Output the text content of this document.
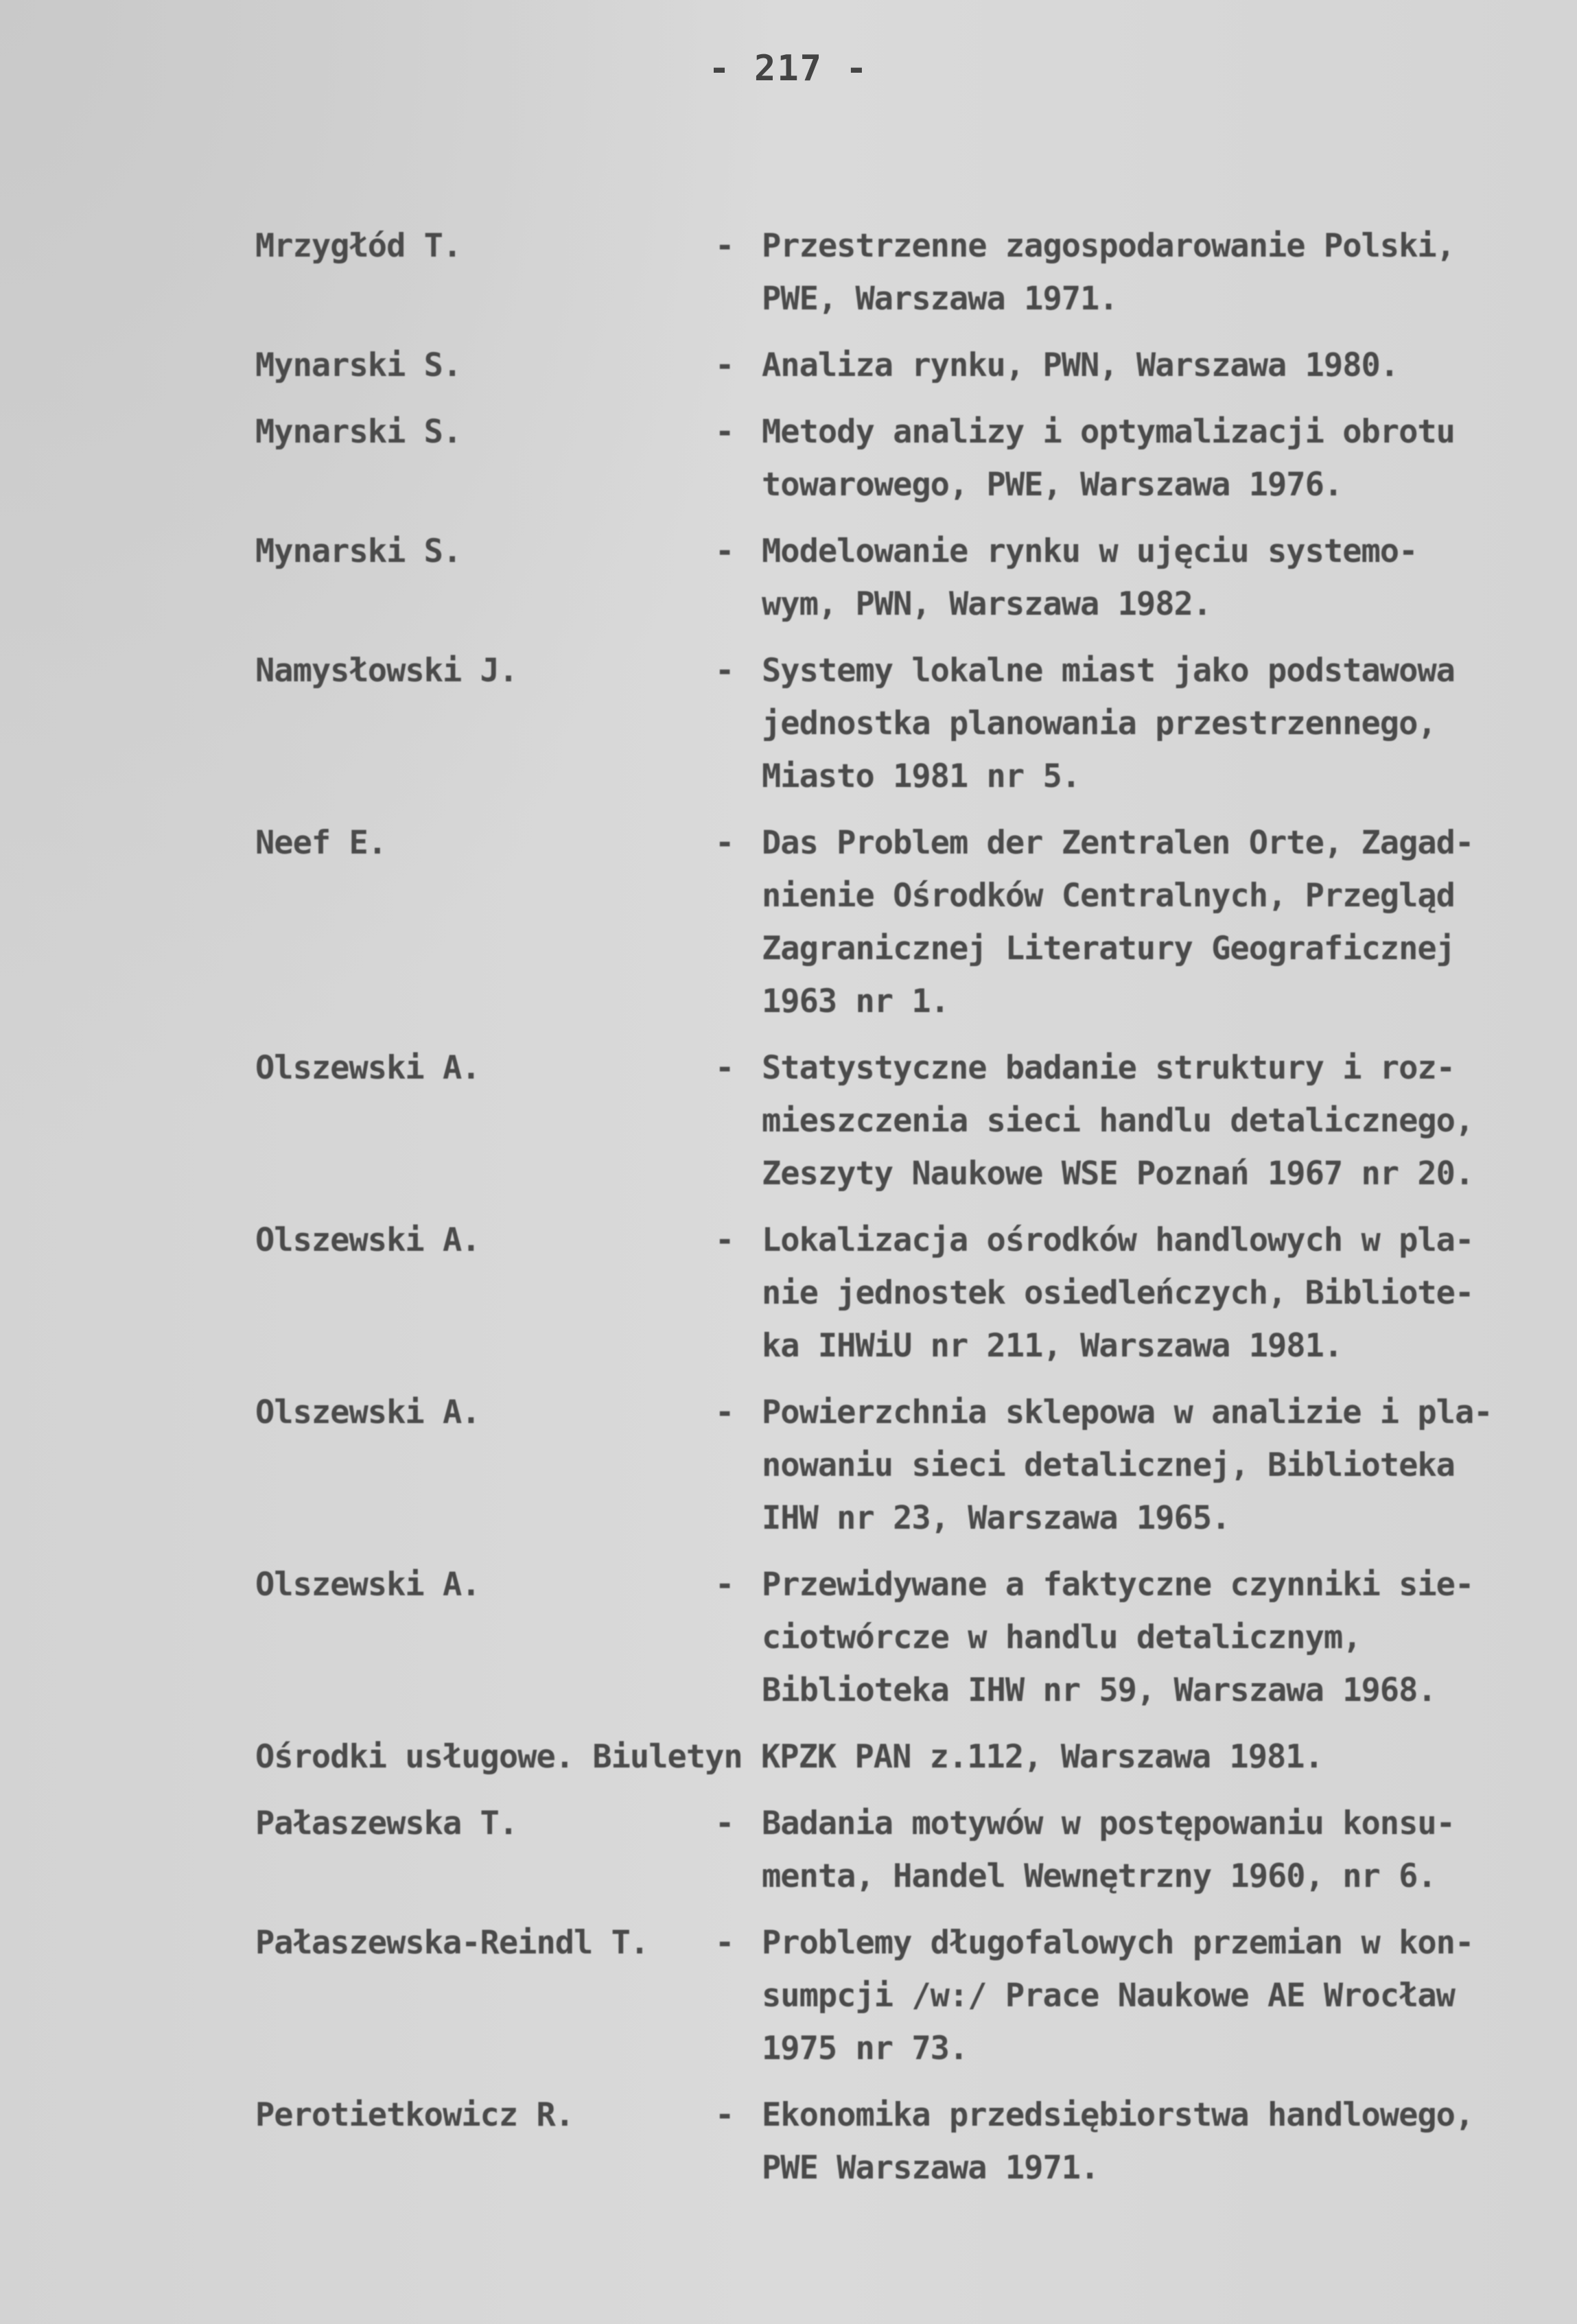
- 217 -
Mrzygłód T.	- Przestrzenne zagospodarowanie Polski,
PWE, Warszawa 1971.
Mynarski S.	- Analiza rynku, PWN, Warszawa 1980.
Mynarski S.	- Metody analizy i optymalizacji obrotu
towarowego, PWE, Warszawa 1976.
Mynarski S.	- Modelowanie rynku w ujęciu systemo-
wym, PWN, Warszawa 1982.
Namysłowski J.	- Systemy lokalne miast jako podstawowa
jednostka planowania przestrzennego,
Miasto 1981 nr 5.
Neef E.	- Das Problem der Zentralen Orte, Zagad-
nienie Ośrodków Centralnych, Przegląd
Zagranicznej Literatury Geograficznej
1963 nr 1.
Olszewski A.	- Statystyczne badanie struktury i roz-
mieszczenia sieci handlu detalicznego,
Zeszyty Naukowe WSE Poznań 1967 nr 20.
Olszewski A.	- Lokalizacja ośrodków handlowych w pla-
nie jednostek osiedleńczych, Bibliote-
ka IHWiU nr 211, Warszawa 1981.
Olszewski A.	- Powierzchnia sklepowa w analizie i pla-
nowaniu sieci detalicznej, Biblioteka
IHW nr 23, Warszawa 1965.
Olszewski A.	- Przewidywane a faktyczne czynniki sie-
ciotwórcze w handlu detalicznym,
Biblioteka IHW nr 59, Warszawa 1968.
Ośrodki usługowe. Biuletyn KPZK PAN z.112, Warszawa 1981.
Pałaszewska T.	- Badania motywów w postępowaniu konsu-
menta, Handel Wewnętrzny 1960, nr 6.
Pałaszewska-Reindl T.	- Problemy długofalowych przemian w kon-
sumpcji /w:/ Prace Naukowe AE Wrocław
1975 nr 73.
Perotietkowicz R.	- Ekonomika przedsiębiorstwa handlowego,
PWE Warszawa 1971.
